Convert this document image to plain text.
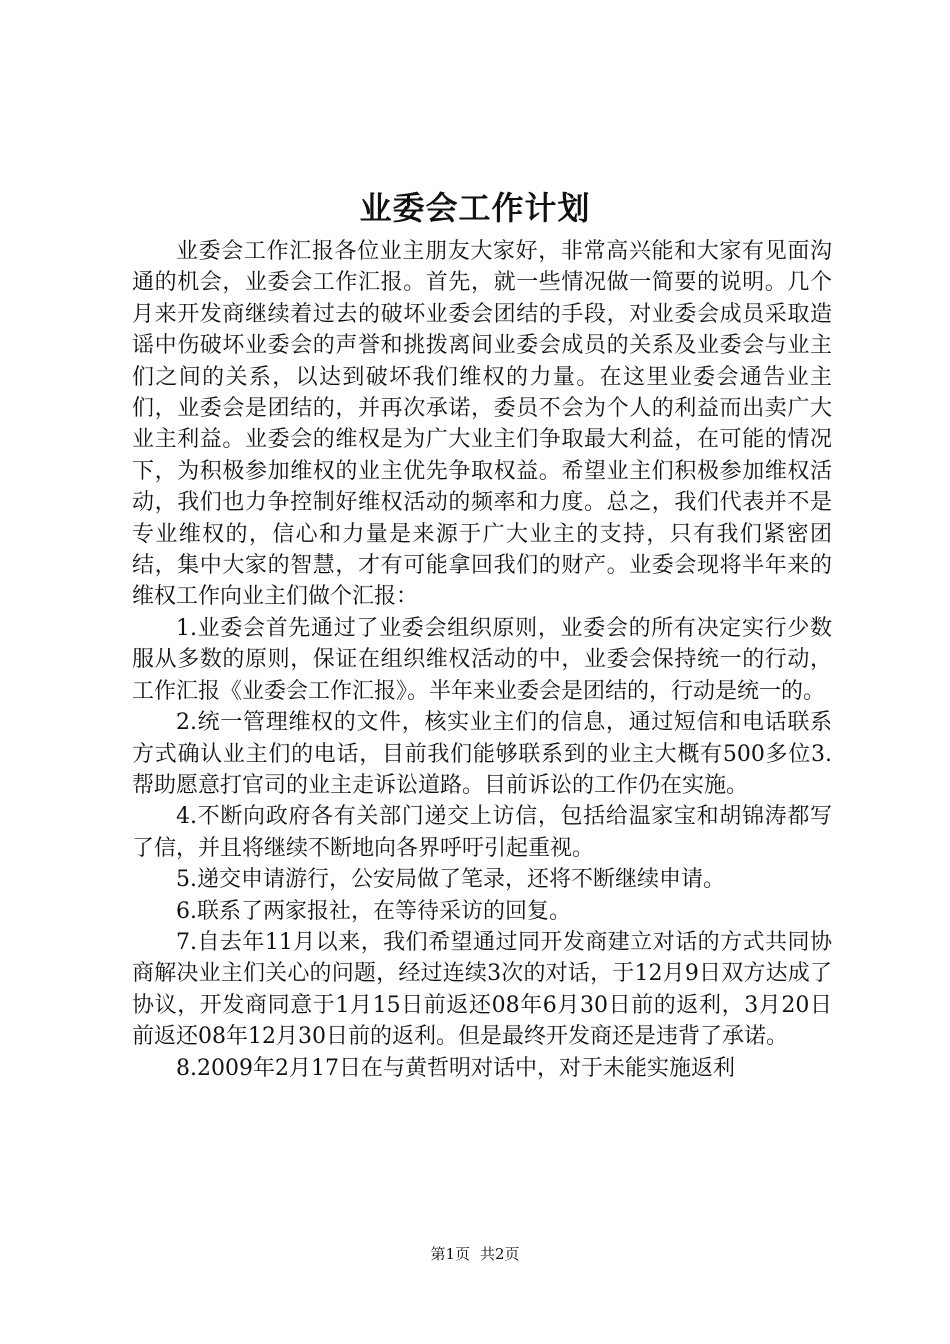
业委会工作计划

业委会工作汇报各位业主朋友大家好，非常高兴能和大家有见面沟通的机会，业委会工作汇报。首先，就一些情况做一简要的说明。几个月来开发商继续着过去的破坏业委会团结的手段，对业委会成员采取造谣中伤破坏业委会的声誉和挑拨离间业委会成员的关系及业委会与业主们之间的关系，以达到破坏我们维权的力量。在这里业委会通告业主们，业委会是团结的，并再次承诺，委员不会为个人的利益而出卖广大业主利益。业委会的维权是为广大业主们争取最大利益，在可能的情况下，为积极参加维权的业主优先争取权益。希望业主们积极参加维权活动，我们也力争控制好维权活动的频率和力度。总之，我们代表并不是专业维权的，信心和力量是来源于广大业主的支持，只有我们紧密团结，集中大家的智慧，才有可能拿回我们的财产。业委会现将半年来的维权工作向业主们做个汇报：

1.业委会首先通过了业委会组织原则，业委会的所有决定实行少数服从多数的原则，保证在组织维权活动的中，业委会保持统一的行动，工作汇报《业委会工作汇报》。半年来业委会是团结的，行动是统一的。

2.统一管理维权的文件，核实业主们的信息，通过短信和电话联系方式确认业主们的电话，目前我们能够联系到的业主大概有500多位3.帮助愿意打官司的业主走诉讼道路。目前诉讼的工作仍在实施。

4.不断向政府各有关部门递交上访信，包括给温家宝和胡锦涛都写了信，并且将继续不断地向各界呼吁引起重视。

5.递交申请游行，公安局做了笔录，还将不断继续申请。

6.联系了两家报社，在等待采访的回复。

7.自去年11月以来，我们希望通过同开发商建立对话的方式共同协商解决业主们关心的问题，经过连续3次的对话，于12月9日双方达成了协议，开发商同意于1月15日前返还08年6月30日前的返利，3月20日前返还08年12月30日前的返利。但是最终开发商还是违背了承诺。

8.2009年2月17日在与黄哲明对话中，对于未能实施返利

第1页 共2页
